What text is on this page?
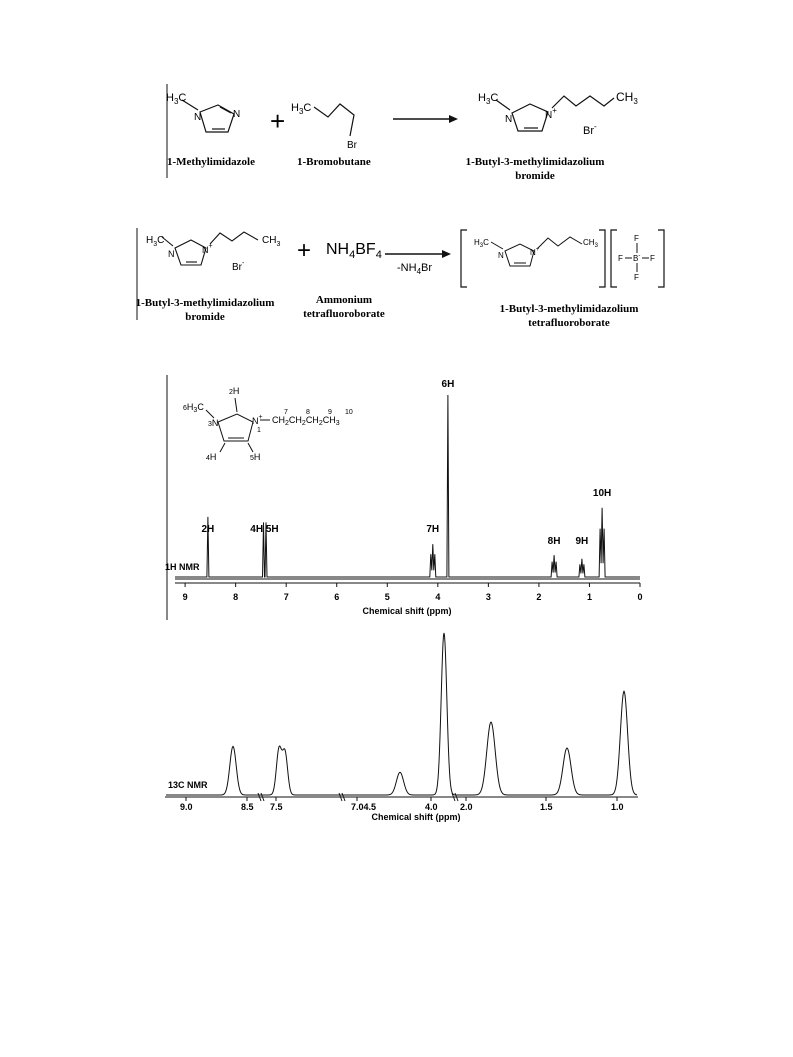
$H_3C$
N	$N + H_3C$
Br
$H_3C$
N	N+
$CH_3$
Br-
1-Methylimidazole	1-Bromobutane	1-Butyl-3-methylimidazolium
bromide
$H_3C$
N	N+
$CH_3$
$Br^- + NH_4BF_4$
$-NH_4Br$
$H_3C$
N	N+
$CH_3$
F
F B- F
F
1-Butyl-3-methylimidazolium
bromide
Ammonium
tetrafluoroborate	1-Butyl-3-methylimidazolium
tetrafluoroborate
2H
$6H_3C$
3N	N+
1
4H	5H
$CH_2CH_2CH_2CH_3$
7	8	9 10
1H NMR
9	8	7	6	5	4	3	2	1	0
2H	4H 5H	7H
6H
8H 9H
10H
Chemical shift (ppm)
13C NMR
9.0	8.5 7.5	7.04.5	4.0 2.0	1.5	1.0
Chemical shift (ppm)
